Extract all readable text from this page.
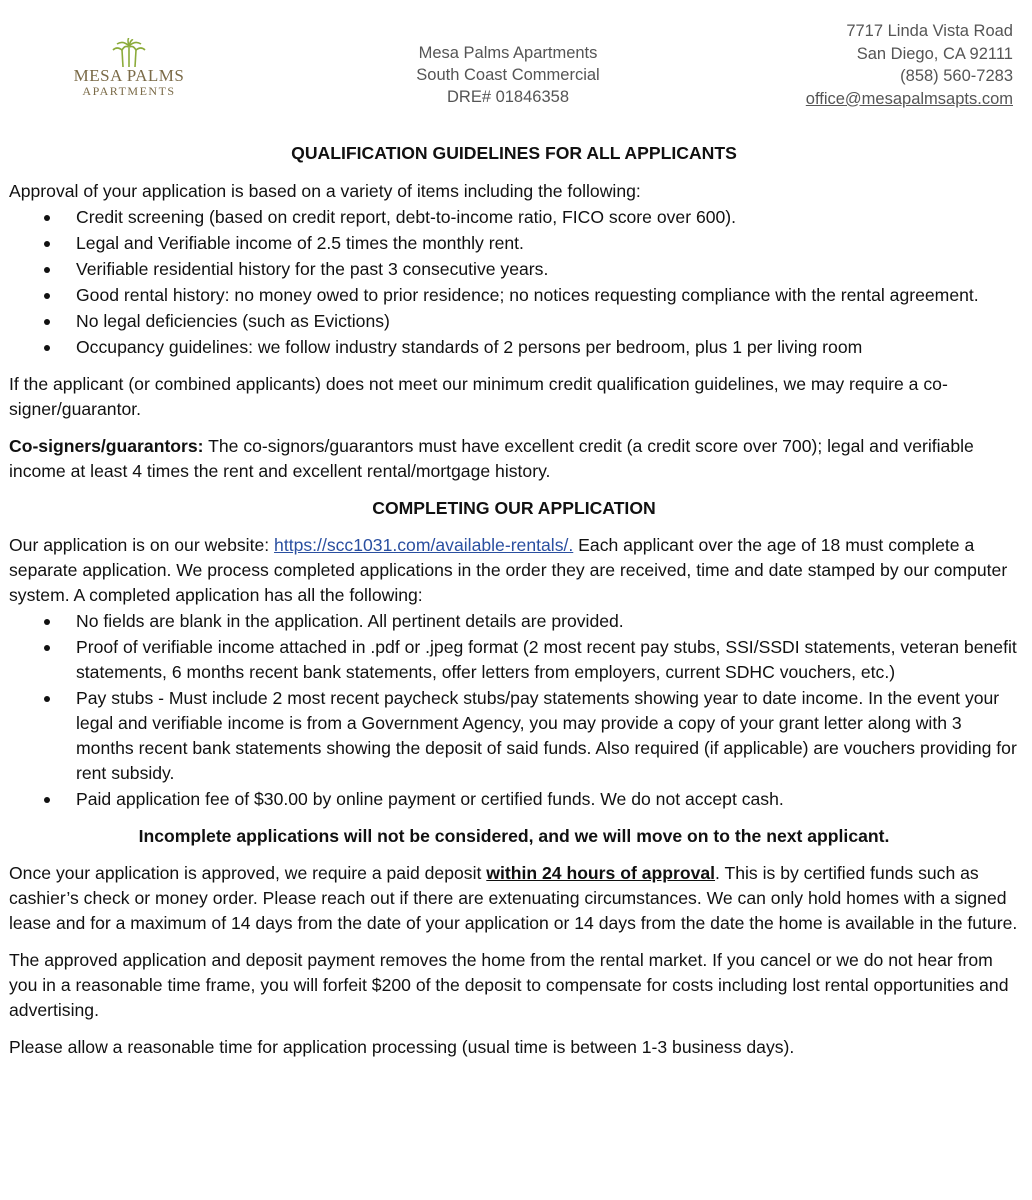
MESA PALMS
APARTMENTS
Mesa Palms Apartments
South Coast Commercial
DRE# 01846358
7717 Linda Vista Road
San Diego, CA 92111
(858) 560-7283
office@mesapalmsapts.com
QUALIFICATION GUIDELINES FOR ALL APPLICANTS

Approval of your application is based on a variety of items including the following:

Credit screening (based on credit report, debt-to-income ratio, FICO score over 600).
Legal and Verifiable income of 2.5 times the monthly rent.
Verifiable residential history for the past 3 consecutive years.
Good rental history: no money owed to prior residence; no notices requesting compliance with the rental agreement.
No legal deficiencies (such as Evictions)
Occupancy guidelines: we follow industry standards of 2 persons per bedroom, plus 1 per living room

If the applicant (or combined applicants) does not meet our minimum credit qualification guidelines, we may require a co-signer/guarantor.

Co-signers/guarantors: The co-signors/guarantors must have excellent credit (a credit score over 700); legal and verifiable income at least 4 times the rent and excellent rental/mortgage history.

COMPLETING OUR APPLICATION

Our application is on our website: https://scc1031.com/available-rentals/. Each applicant over the age of 18 must complete a separate application. We process completed applications in the order they are received, time and date stamped by our computer system. A completed application has all the following:

No fields are blank in the application. All pertinent details are provided.
Proof of verifiable income attached in .pdf or .jpeg format (2 most recent pay stubs, SSI/SSDI statements, veteran benefit statements, 6 months recent bank statements, offer letters from employers, current SDHC vouchers, etc.)
Pay stubs - Must include 2 most recent paycheck stubs/pay statements showing year to date income. In the event your legal and verifiable income is from a Government Agency, you may provide a copy of your grant letter along with 3 months recent bank statements showing the deposit of said funds. Also required (if applicable) are vouchers providing for rent subsidy.
Paid application fee of $30.00 by online payment or certified funds. We do not accept cash.

Incomplete applications will not be considered, and we will move on to the next applicant.

Once your application is approved, we require a paid deposit within 24 hours of approval. This is by certified funds such as cashier’s check or money order. Please reach out if there are extenuating circumstances. We can only hold homes with a signed lease and for a maximum of 14 days from the date of your application or 14 days from the date the home is available in the future.

The approved application and deposit payment removes the home from the rental market. If you cancel or we do not hear from you in a reasonable time frame, you will forfeit $200 of the deposit to compensate for costs including lost rental opportunities and advertising.

Please allow a reasonable time for application processing (usual time is between 1-3 business days).
